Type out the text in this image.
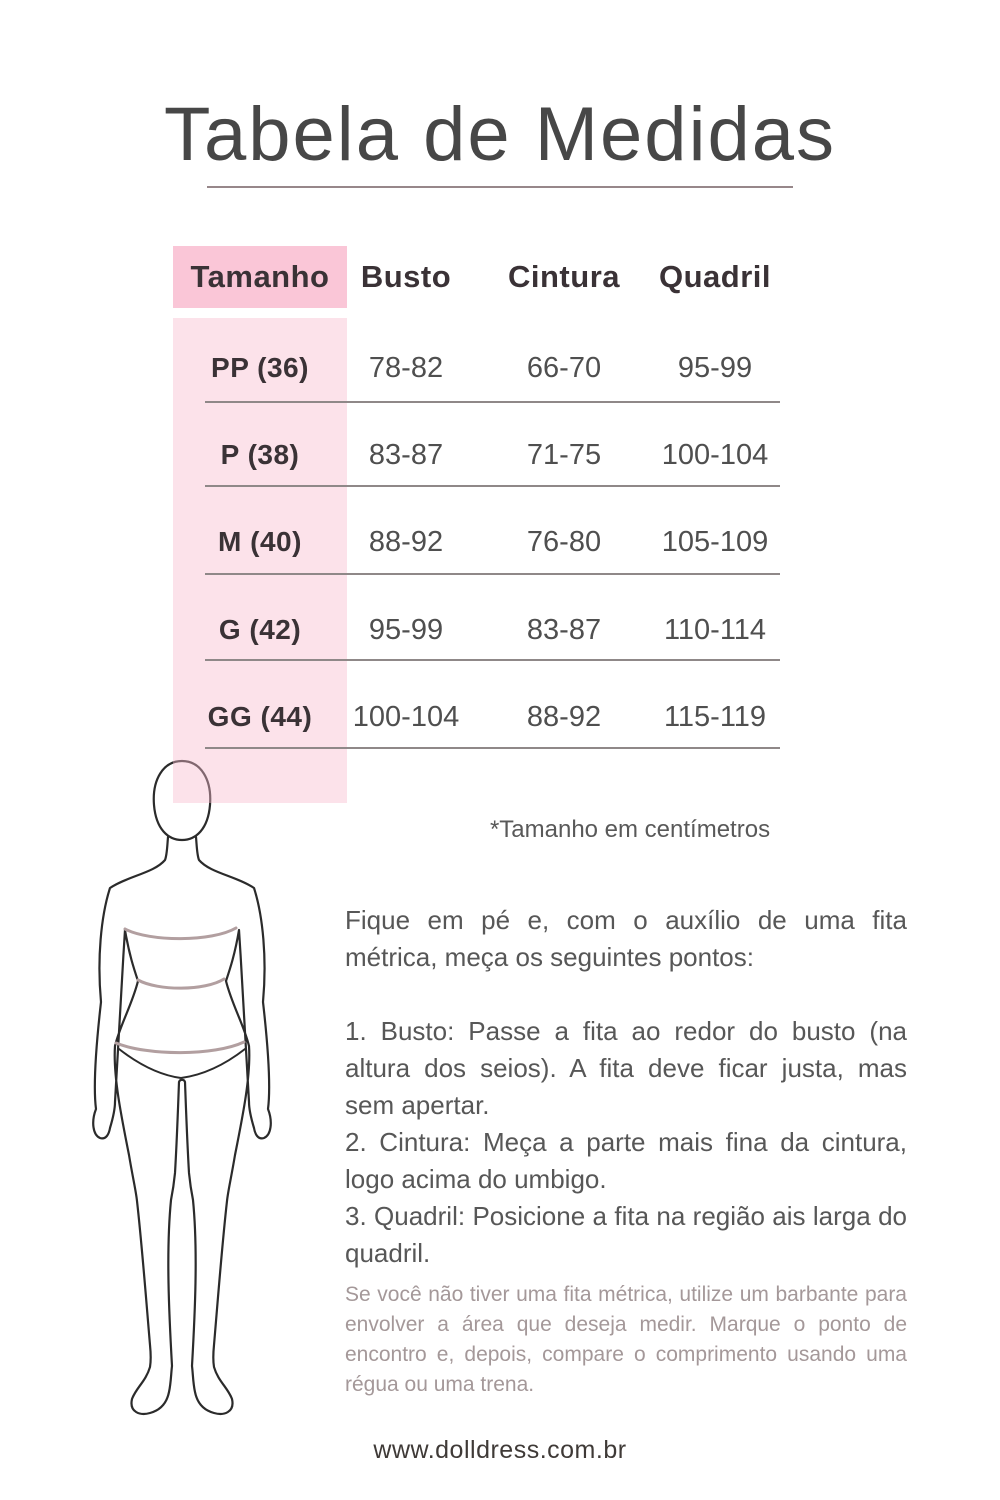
Tabela de Medidas
Tamanho	Busto	Cintura	Quadril
PP (36)	78-82	66-70	95-99
P (38)	83-87	71-75	100-104
M (40)	88-92	76-80	105-109
G (42)	95-99	83-87	110-114
GG (44)	100-104	88-92	115-119
*Tamanho em centímetros

Fique em pé e, com o auxílio de uma fita métrica, meça os seguintes pontos:

1. Busto: Passe a fita ao redor do busto (na altura dos seios). A fita deve ficar justa, mas sem apertar.

2. Cintura: Meça a parte mais fina da cintura, logo acima do umbigo.

3. Quadril: Posicione a fita na região ais larga do quadril.

Se você não tiver uma fita métrica, utilize um barbante para envolver a área que deseja medir. Marque o ponto de encontro e, depois, compare o comprimento usando uma régua ou uma trena.
www.dolldress.com.br
